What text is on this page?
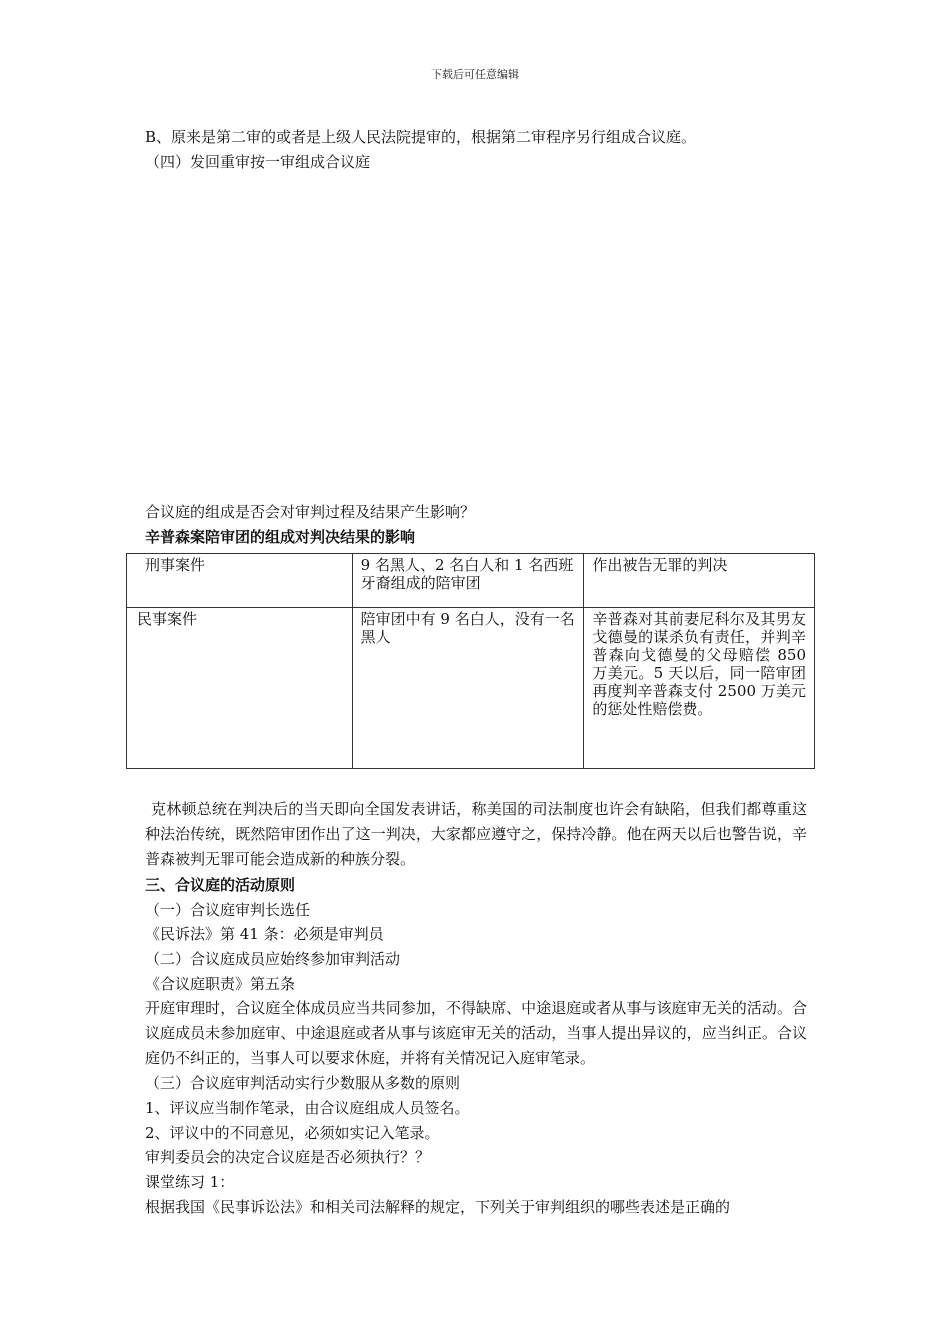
下载后可任意编辑
B、原来是第二审的或者是上级人民法院提审的，根据第二审程序另行组成合议庭。
（四）发回重审按一审组成合议庭
合议庭的组成是否会对审判过程及结果产生影响？
辛普森案陪审团的组成对判决结果的影响
刑事案件	9 名黑人、2 名白人和 1 名西班牙裔组成的陪审团	作出被告无罪的判决
民事案件	陪审团中有 9 名白人，没有一名黑人	辛普森对其前妻尼科尔及其男友戈德曼的谋杀负有责任，并判辛普森向戈德曼的父母赔偿 850 万美元。5 天以后，同一陪审团再度判辛普森支付 2500 万美元的惩处性赔偿费。
克林顿总统在判决后的当天即向全国发表讲话，称美国的司法制度也许会有缺陷，但我们都尊重这种法治传统，既然陪审团作出了这一判决，大家都应遵守之，保持冷静。他在两天以后也警告说，辛普森被判无罪可能会造成新的种族分裂。
三、合议庭的活动原则
（一）合议庭审判长选任
《民诉法》第 41 条：必须是审判员
（二）合议庭成员应始终参加审判活动
《合议庭职责》第五条
开庭审理时，合议庭全体成员应当共同参加，不得缺席、中途退庭或者从事与该庭审无关的活动。合议庭成员未参加庭审、中途退庭或者从事与该庭审无关的活动，当事人提出异议的，应当纠正。合议庭仍不纠正的，当事人可以要求休庭，并将有关情况记入庭审笔录。
（三）合议庭审判活动实行少数服从多数的原则
1、评议应当制作笔录，由合议庭组成人员签名。
2、评议中的不同意见，必须如实记入笔录。
审判委员会的决定合议庭是否必须执行？？
课堂练习 1：
根据我国《民事诉讼法》和相关司法解释的规定，下列关于审判组织的哪些表述是正确的
